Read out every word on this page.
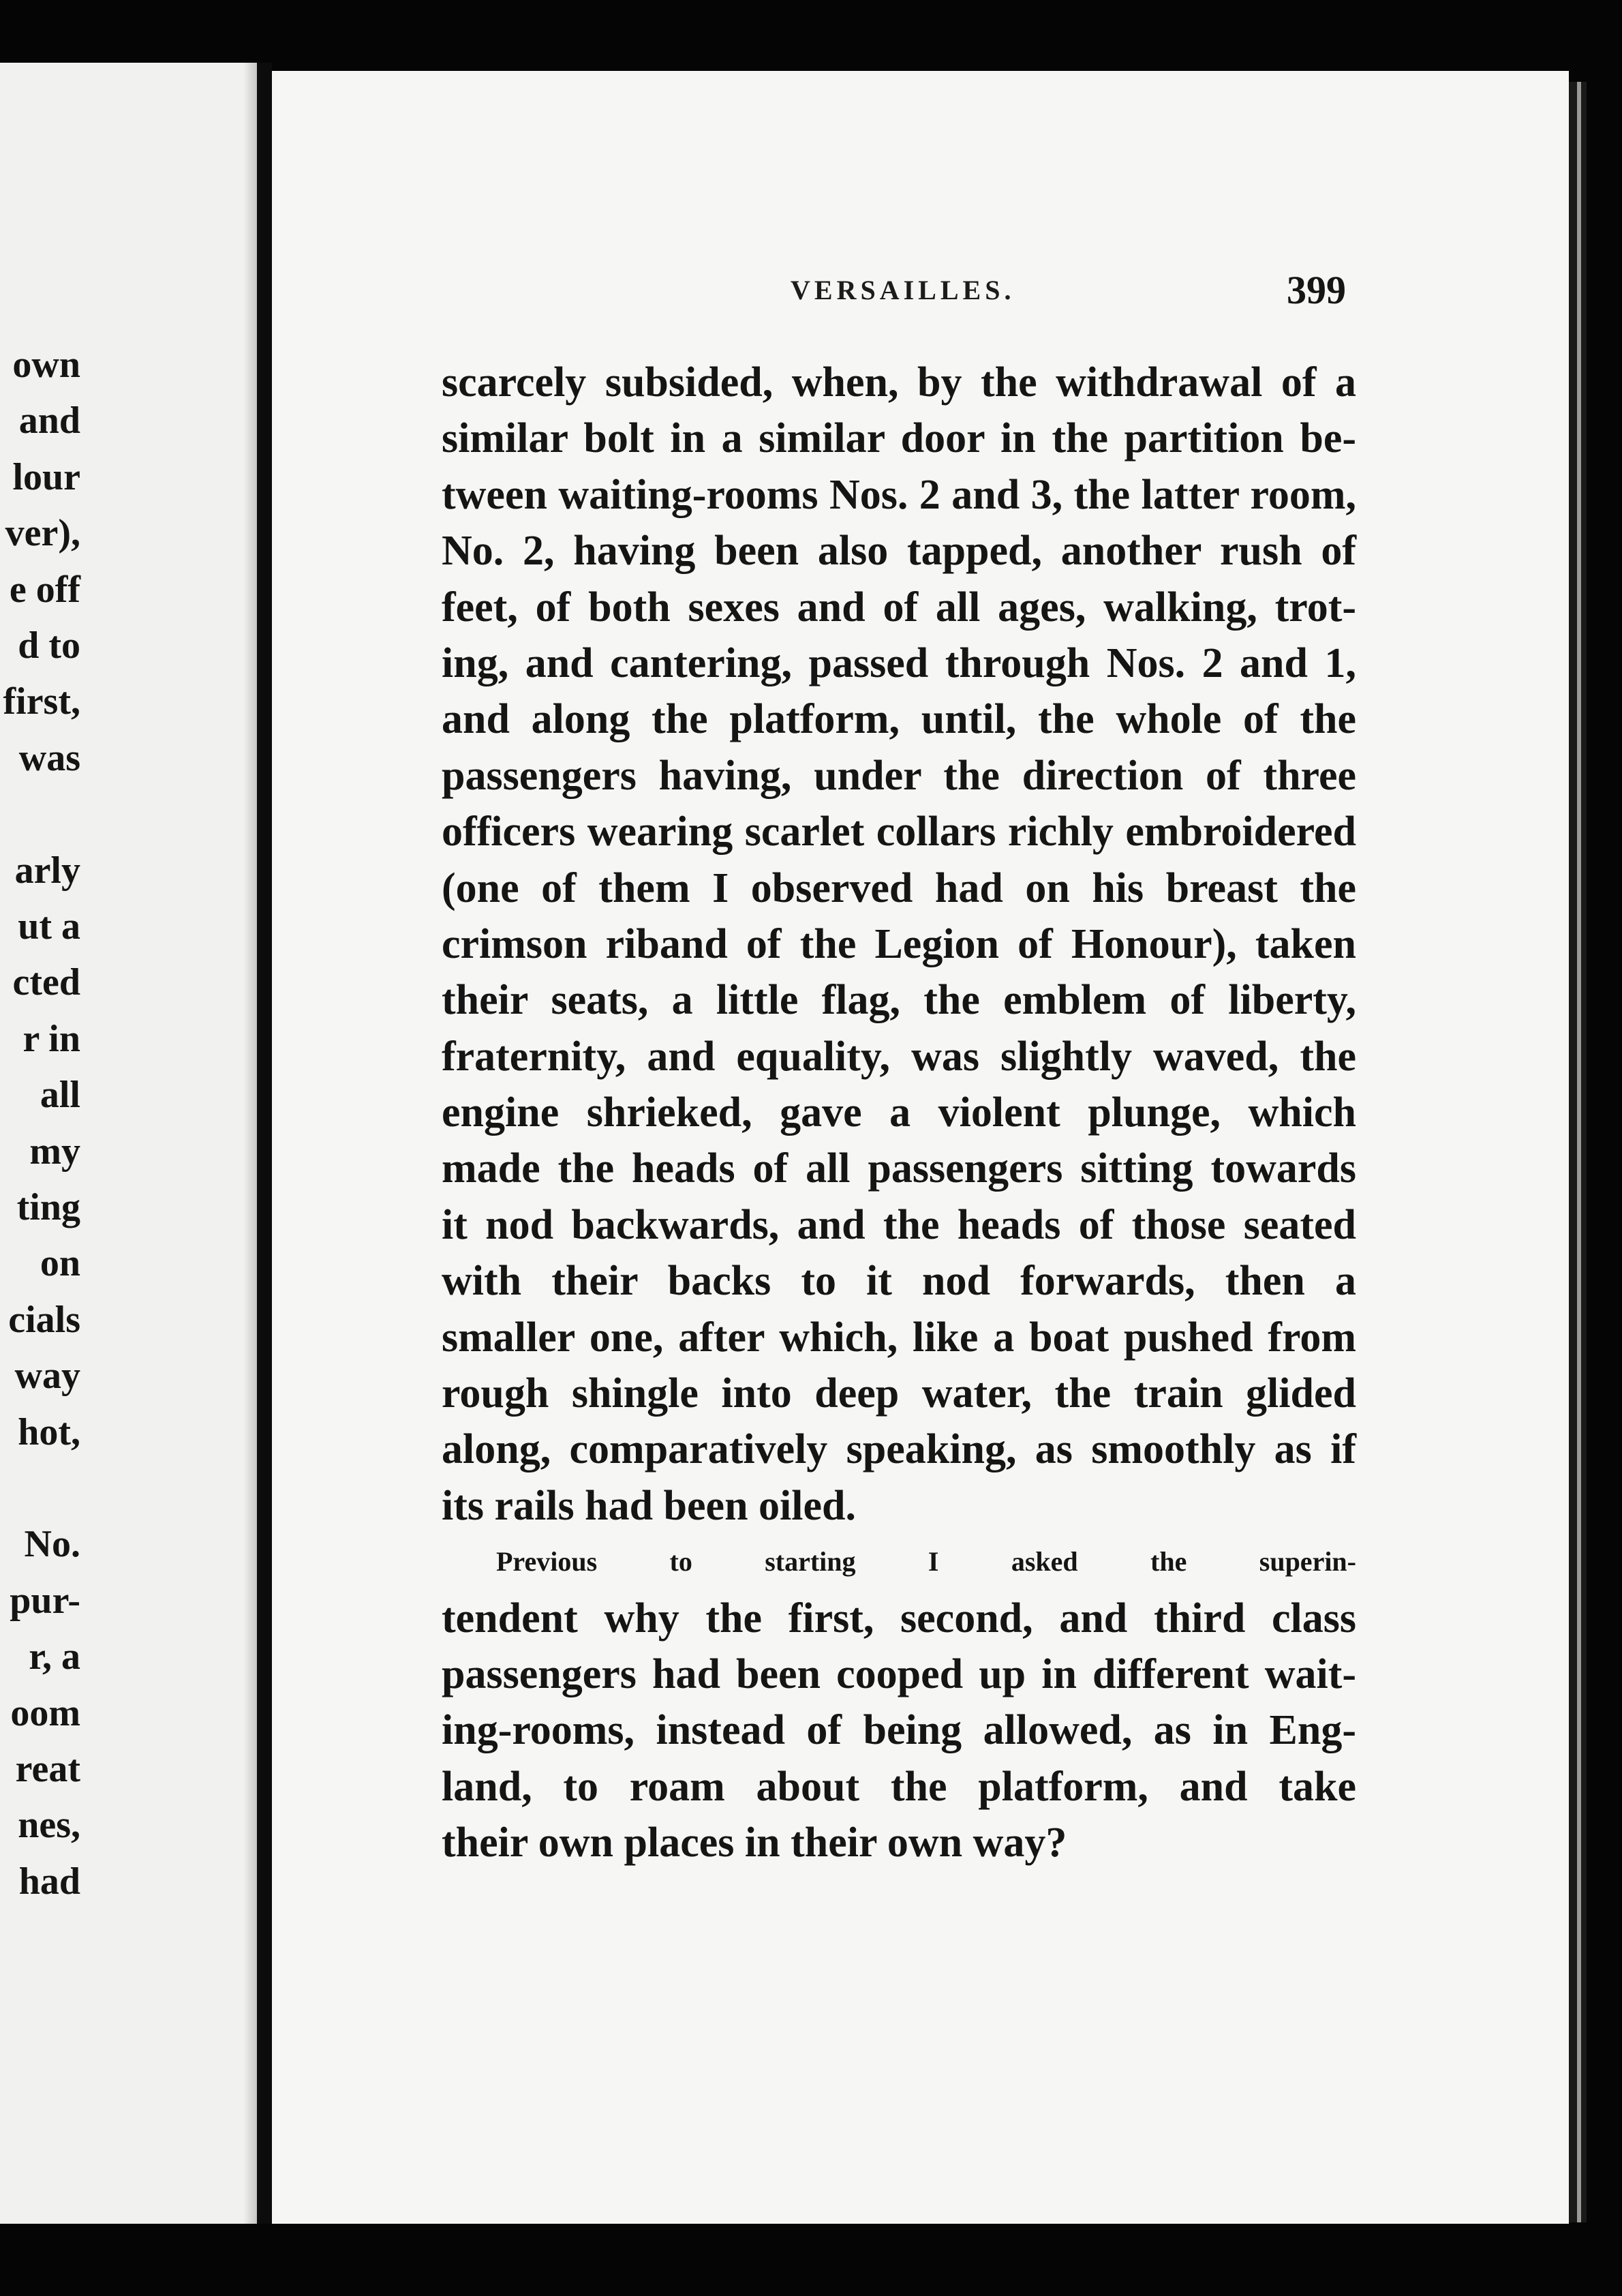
own
and
lour
ver),
e off
d to
first,
was
arly
ut a
cted
r in
all
my
ting
on
cials
way
hot,
No.
pur-
r, a
oom
reat
nes,
had
VERSAILLES.	399
scarcely subsided, when, by the withdrawal of a
similar bolt in a similar door in the partition be-
tween waiting-rooms Nos. 2 and 3, the latter room,
No. 2, having been also tapped, another rush of
feet, of both sexes and of all ages, walking, trot-
ing, and cantering, passed through Nos. 2 and 1,
and along the platform, until, the whole of the
passengers having, under the direction of three
officers wearing scarlet collars richly embroidered
(one of them I observed had on his breast the
crimson riband of the Legion of Honour), taken
their seats, a little flag, the emblem of liberty,
fraternity, and equality, was slightly waved, the
engine shrieked, gave a violent plunge, which
made the heads of all passengers sitting towards
it nod backwards, and the heads of those seated
with their backs to it nod forwards, then a
smaller one, after which, like a boat pushed from
rough shingle into deep water, the train glided
along, comparatively speaking, as smoothly as if
its rails had been oiled.
Previous to starting I asked the superin-
tendent why the first, second, and third class
passengers had been cooped up in different wait-
ing-rooms, instead of being allowed, as in Eng-
land, to roam about the platform, and take
their own places in their own way?
